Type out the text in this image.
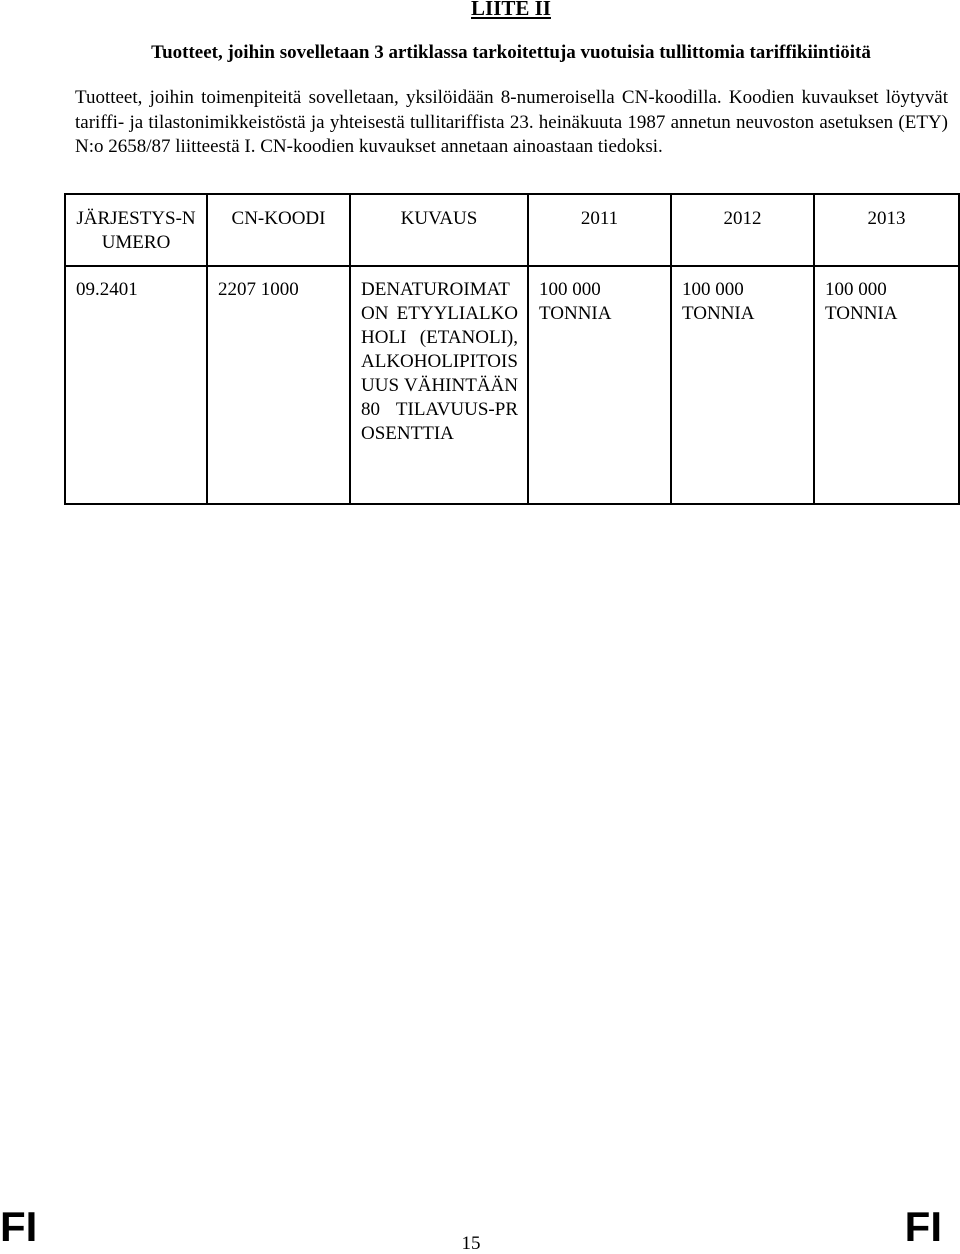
LIITE II
Tuotteet, joihin sovelletaan 3 artiklassa tarkoitettuja vuotuisia tullittomia tariffikiintiöitä
Tuotteet, joihin toimenpiteitä sovelletaan, yksilöidään 8-numeroisella CN-koodilla. Koodien kuvaukset löytyvät tariffi- ja tilastonimikkeistöstä ja yhteisestä tullitariffista 23. heinäkuuta 1987 annetun neuvoston asetuksen (ETY) N:o 2658/87 liitteestä I. CN-koodien kuvaukset annetaan ainoastaan tiedoksi.
JÄRJESTYS-NUMERO	CN-KOODI	KUVAUS	2011	2012	2013

09.2401	2207 1000	DENATUROIMATON ETYYLIALKOHOLI (ETANOLI), ALKOHOLIPITOISUUS VÄHINTÄÄN 80 TILAVUUS-PROSENTTIA	100 000 TONNIA	100 000 TONNIA	100 000 TONNIA
FI	15	FI
